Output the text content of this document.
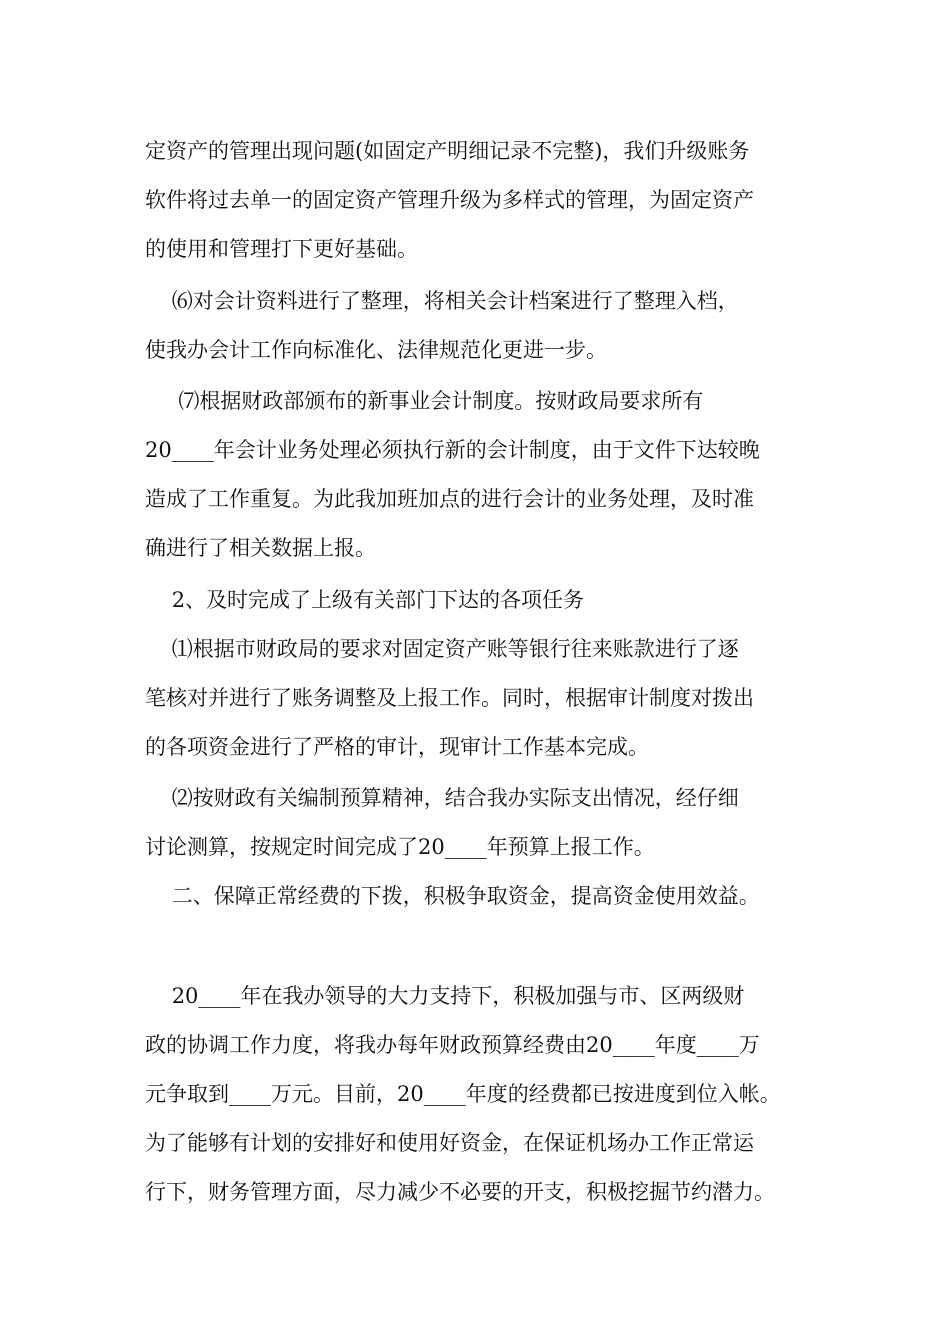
定资产的管理出现问题(如固定产明细记录不完整)，我们升级账务
软件将过去单一的固定资产管理升级为多样式的管理，为固定资产
的使用和管理打下更好基础。
⑹对会计资料进行了整理，将相关会计档案进行了整理入档，
使我办会计工作向标准化、法律规范化更进一步。
⑺根据财政部颁布的新事业会计制度。按财政局要求所有
20____年会计业务处理必须执行新的会计制度，由于文件下达较晚
造成了工作重复。为此我加班加点的进行会计的业务处理，及时准
确进行了相关数据上报。
2、及时完成了上级有关部门下达的各项任务
⑴根据市财政局的要求对固定资产账等银行往来账款进行了逐
笔核对并进行了账务调整及上报工作。同时，根据审计制度对拨出
的各项资金进行了严格的审计，现审计工作基本完成。
⑵按财政有关编制预算精神，结合我办实际支出情况，经仔细
讨论测算，按规定时间完成了20____年预算上报工作。
二、保障正常经费的下拨，积极争取资金，提高资金使用效益。
20____年在我办领导的大力支持下，积极加强与市、区两级财
政的协调工作力度，将我办每年财政预算经费由20____年度____万
元争取到____万元。目前，20____年度的经费都已按进度到位入帐。
为了能够有计划的安排好和使用好资金，在保证机场办工作正常运
行下，财务管理方面，尽力减少不必要的开支，积极挖掘节约潜力。
